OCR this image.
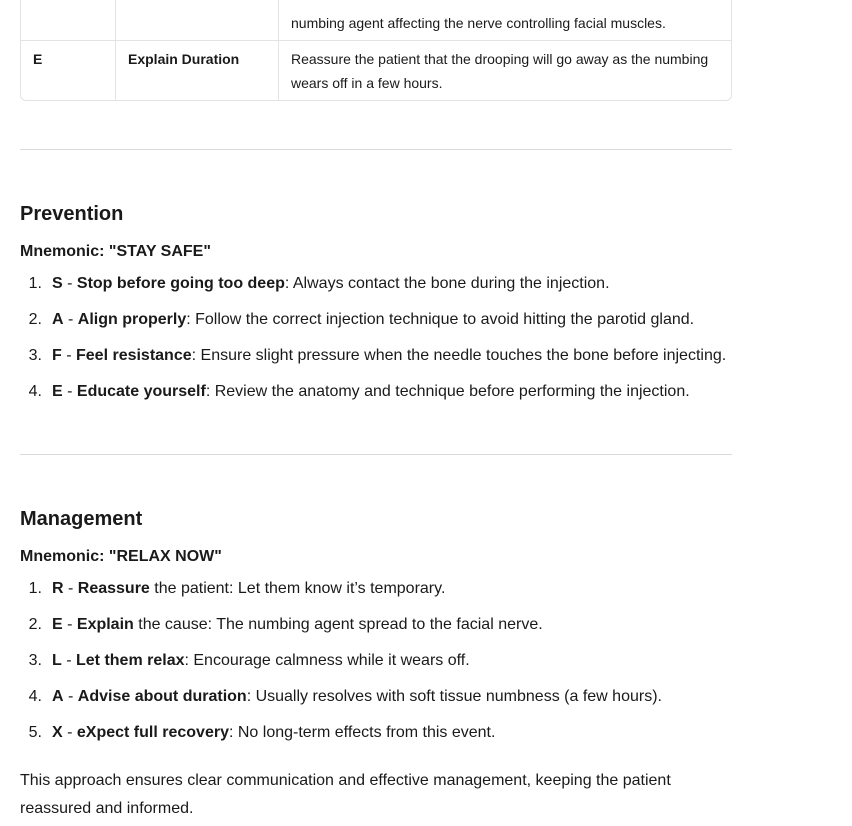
		numbing agent affecting the nerve controlling facial muscles.

E	Explain Duration	Reassure the patient that the drooping will go away as the numbing wears off in a few hours.
Prevention
Mnemonic: "STAY SAFE"
1. S - Stop before going too deep: Always contact the bone during the injection.
2. A - Align properly: Follow the correct injection technique to avoid hitting the parotid gland.
3. F - Feel resistance: Ensure slight pressure when the needle touches the bone before injecting.
4. E - Educate yourself: Review the anatomy and technique before performing the injection.
Management
Mnemonic: "RELAX NOW"
1. R - Reassure the patient: Let them know it’s temporary.
2. E - Explain the cause: The numbing agent spread to the facial nerve.
3. L - Let them relax: Encourage calmness while it wears off.
4. A - Advise about duration: Usually resolves with soft tissue numbness (a few hours).
5. X - eXpect full recovery: No long-term effects from this event.

This approach ensures clear communication and effective management, keeping the patient reassured and informed.
